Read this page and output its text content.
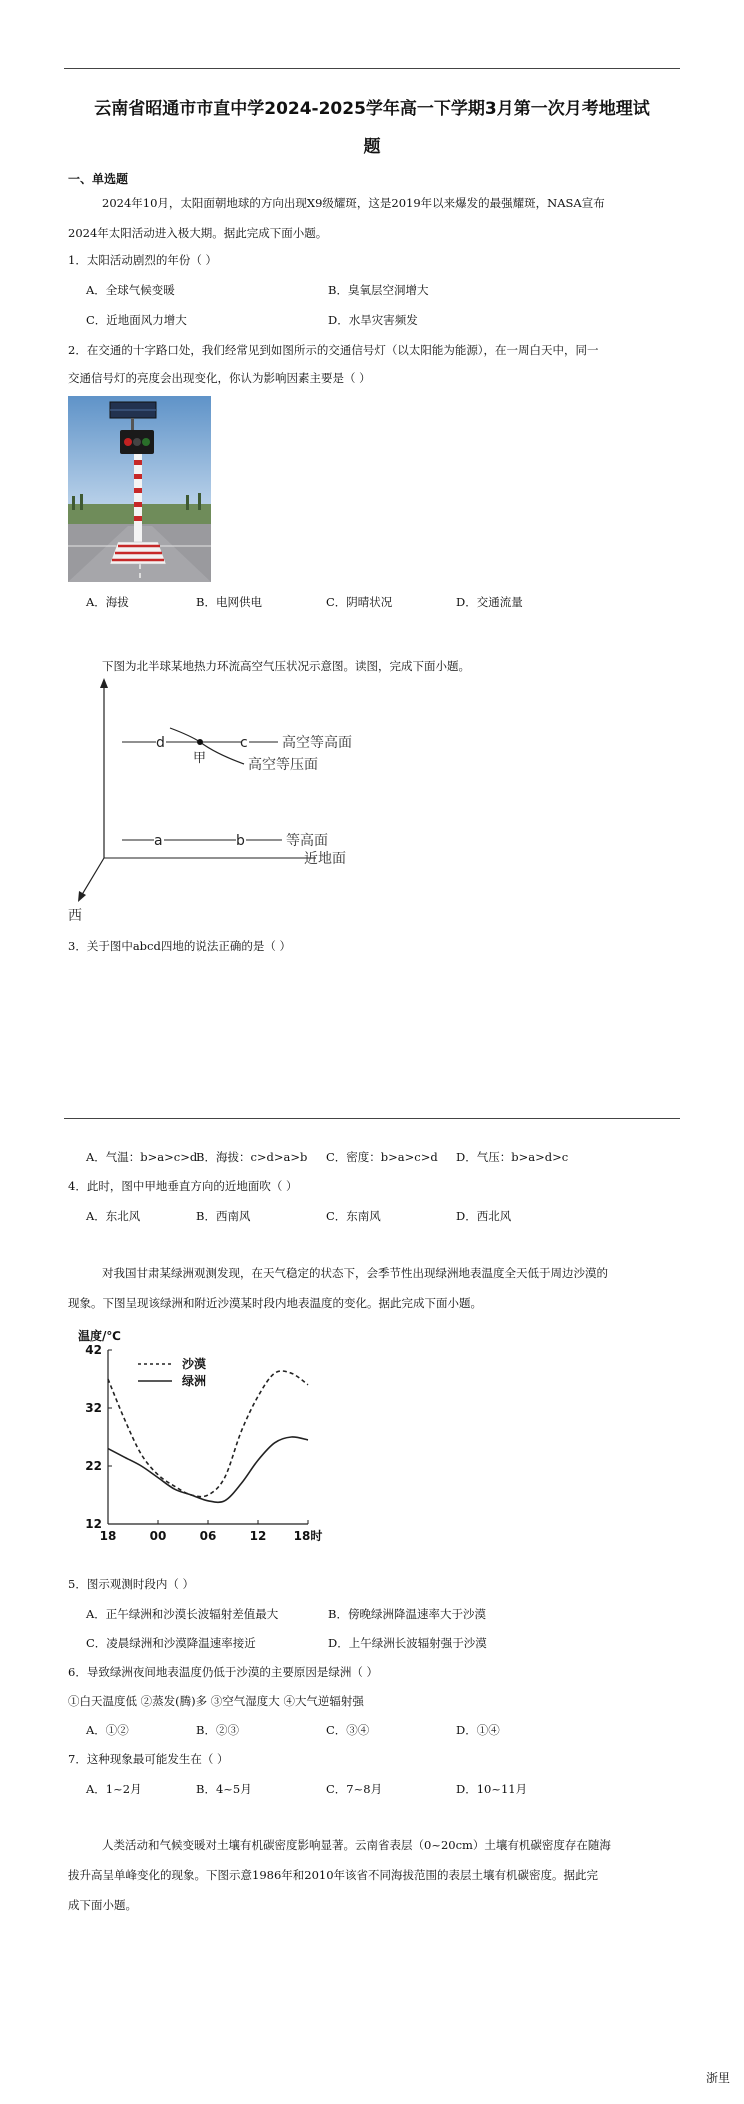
云南省昭通市市直中学2024-2025学年高一下学期3月第一次月考地理试
题
一、单选题
2024年10月，太阳面朝地球的方向出现X9级耀斑，这是2019年以来爆发的最强耀斑，NASA宣布
2024年太阳活动进入极大期。据此完成下面小题。
1．太阳活动剧烈的年份（ ）
A．全球气候变暖	B．臭氧层空洞增大
C．近地面风力增大	D．水旱灾害频发
2．在交通的十字路口处，我们经常见到如图所示的交通信号灯（以太阳能为能源），在一周白天中，同一
交通信号灯的亮度会出现变化，你认为影响因素主要是（ ）
A．海拔	B．电网供电	C．阴晴状况	D．交通流量
下图为北半球某地热力环流高空气压状况示意图。读图，完成下面小题。
d	c
甲
高空等高面
高空等压面
a	b	等高面
近地面
西
3．关于图中abcd四地的说法正确的是（ ）
A．气温：b>a>c>d
B．海拔：c>d>a>b C．密度：b>a>c>d D．气压：b>a>d>c
4．此时，图中甲地垂直方向的近地面吹（ ）
A．东北风	B．西南风	C．东南风	D．西北风
对我国甘肃某绿洲观测发现，在天气稳定的状态下，会季节性出现绿洲地表温度全天低于周边沙漠的
现象。下图呈现该绿洲和附近沙漠某时段内地表温度的变化。据此完成下面小题。
温度/℃
12
22
32
42
18	00	06	12 18时
沙漠
绿洲
5．图示观测时段内（ ）
A．正午绿洲和沙漠长波辐射差值最大	B．傍晚绿洲降温速率大于沙漠
C．凌晨绿洲和沙漠降温速率接近	D．上午绿洲长波辐射强于沙漠
6．导致绿洲夜间地表温度仍低于沙漠的主要原因是绿洲（ ）
①白天温度低 ②蒸发(腾)多 ③空气湿度大 ④大气逆辐射强
A．①②	B．②③	C．③④	D．①④
7．这种现象最可能发生在（ ）
A．1~2月	B．4~5月	C．7~8月	D．10~11月
人类活动和气候变暖对土壤有机碳密度影响显著。云南省表层（0~20cm）土壤有机碳密度存在随海
拔升高呈单峰变化的现象。下图示意1986年和2010年该省不同海拔范围的表层土壤有机碳密度。据此完
成下面小题。
浙里
